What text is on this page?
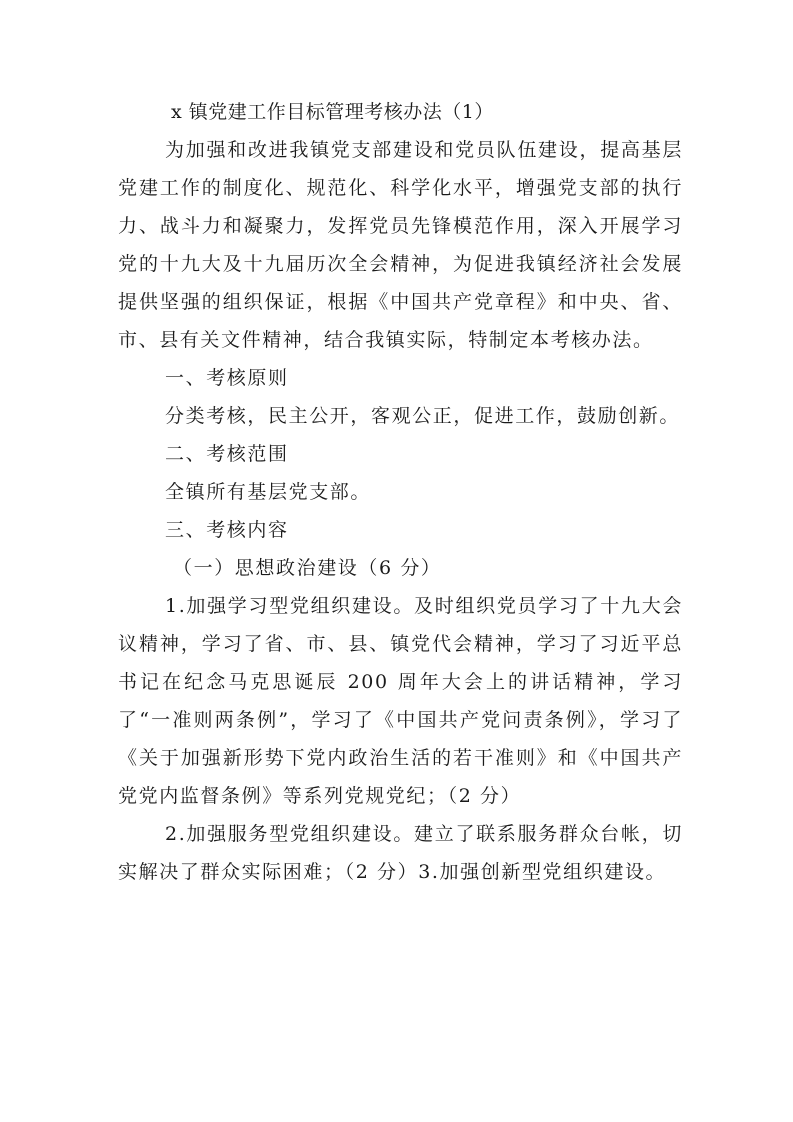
x 镇党建工作目标管理考核办法（1）

为加强和改进我镇党支部建设和党员队伍建设，提高基层党建工作的制度化、规范化、科学化水平，增强党支部的执行力、战斗力和凝聚力，发挥党员先锋模范作用，深入开展学习党的十九大及十九届历次全会精神，为促进我镇经济社会发展提供坚强的组织保证，根据《中国共产党章程》和中央、省、市、县有关文件精神，结合我镇实际，特制定本考核办法。

一、考核原则

分类考核，民主公开，客观公正，促进工作，鼓励创新。

二、考核范围

全镇所有基层党支部。

三、考核内容

（一）思想政治建设（6 分）

1.加强学习型党组织建设。及时组织党员学习了十九大会议精神，学习了省、市、县、镇党代会精神，学习了习近平总书记在纪念马克思诞辰 200 周年大会上的讲话精神，学习了“一准则两条例”，学习了《中国共产党问责条例》，学习了《关于加强新形势下党内政治生活的若干准则》和《中国共产党党内监督条例》等系列党规党纪；（2 分）

2.加强服务型党组织建设。建立了联系服务群众台帐，切实解决了群众实际困难；（2 分）3.加强创新型党组织建设。
